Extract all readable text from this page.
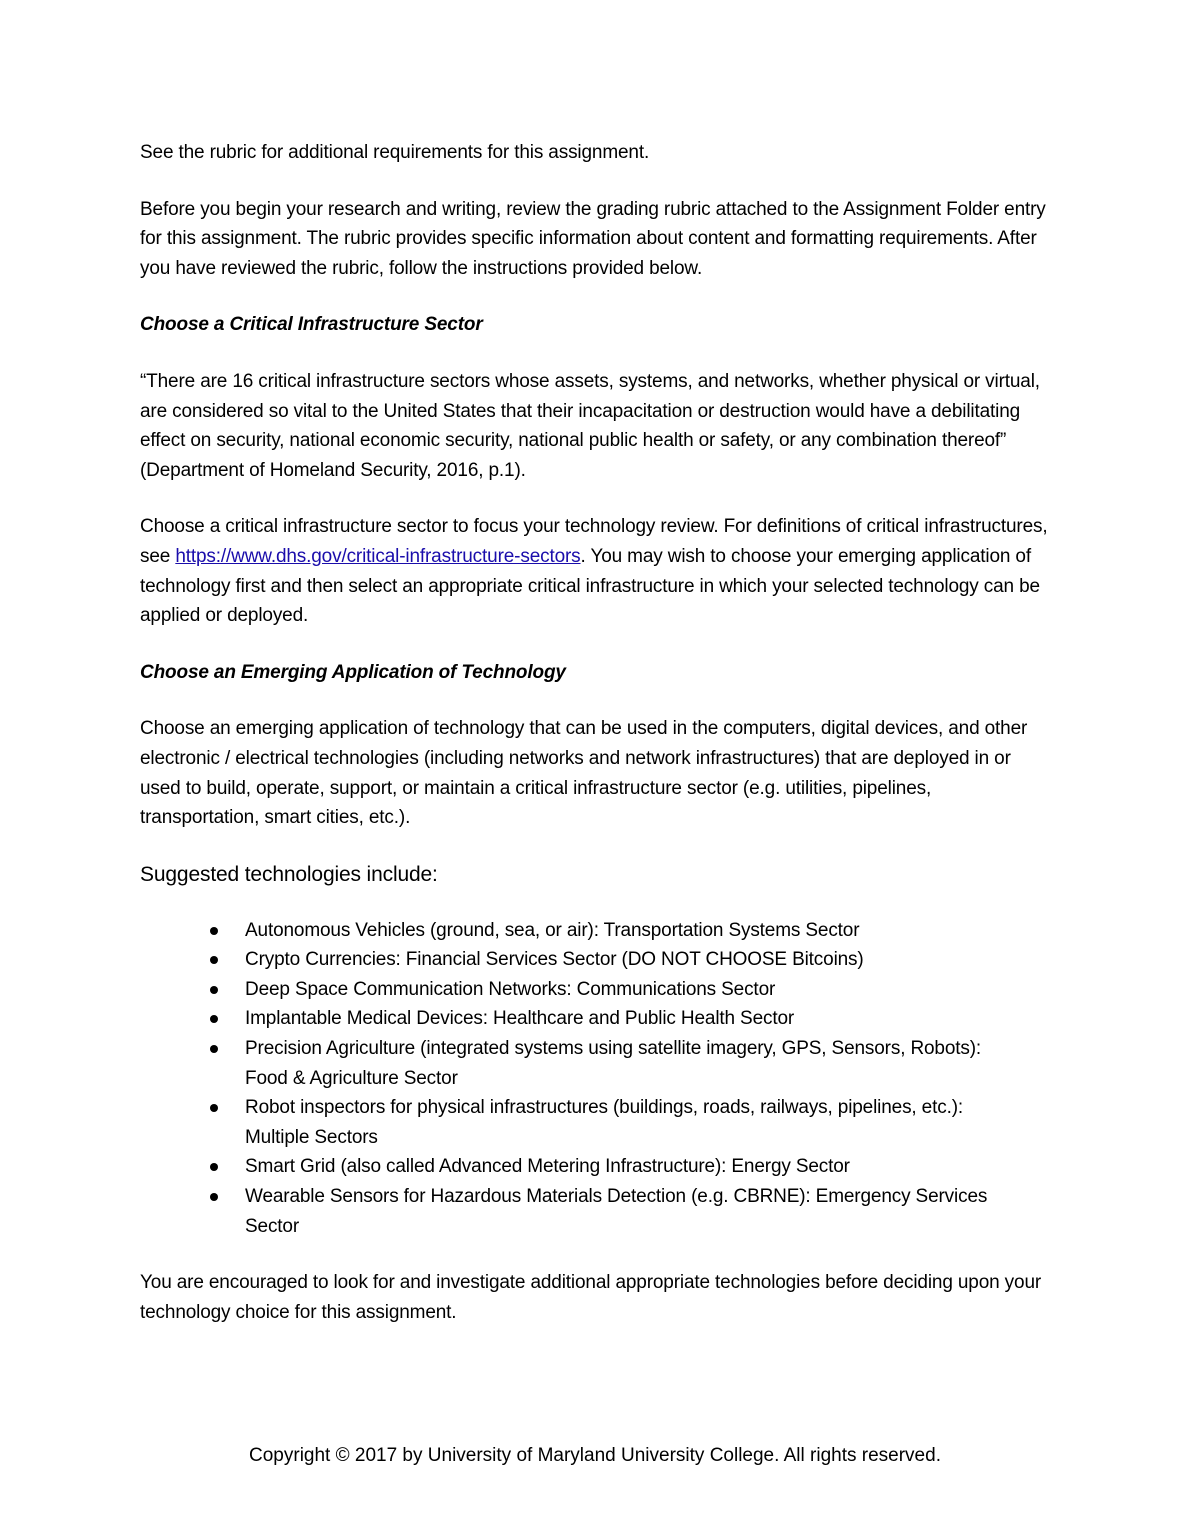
See the rubric for additional requirements for this assignment.

Before you begin your research and writing, review the grading rubric attached to the Assignment Folder entry for this assignment. The rubric provides specific information about content and formatting requirements. After you have reviewed the rubric, follow the instructions provided below.

Choose a Critical Infrastructure Sector

“There are 16 critical infrastructure sectors whose assets, systems, and networks, whether physical or virtual, are considered so vital to the United States that their incapacitation or destruction would have a debilitating effect on security, national economic security, national public health or safety, or any combination thereof” (Department of Homeland Security, 2016, p.1).

Choose a critical infrastructure sector to focus your technology review. For definitions of critical infrastructures, see https://www.dhs.gov/critical-infrastructure-sectors. You may wish to choose your emerging application of technology first and then select an appropriate critical infrastructure in which your selected technology can be applied or deployed.

Choose an Emerging Application of Technology

Choose an emerging application of technology that can be used in the computers, digital devices, and other electronic / electrical technologies (including networks and network infrastructures) that are deployed in or used to build, operate, support, or maintain a critical infrastructure sector (e.g. utilities, pipelines, transportation, smart cities, etc.).

Suggested technologies include:

Autonomous Vehicles (ground, sea, or air): Transportation Systems Sector
Crypto Currencies: Financial Services Sector (DO NOT CHOOSE Bitcoins)
Deep Space Communication Networks: Communications Sector
Implantable Medical Devices: Healthcare and Public Health Sector
Precision Agriculture (integrated systems using satellite imagery, GPS, Sensors, Robots): Food & Agriculture Sector
Robot inspectors for physical infrastructures (buildings, roads, railways, pipelines, etc.): Multiple Sectors
Smart Grid (also called Advanced Metering Infrastructure): Energy Sector
Wearable Sensors for Hazardous Materials Detection (e.g. CBRNE): Emergency Services Sector

You are encouraged to look for and investigate additional appropriate technologies before deciding upon your technology choice for this assignment.

Copyright © 2017 by University of Maryland University College. All rights reserved.
